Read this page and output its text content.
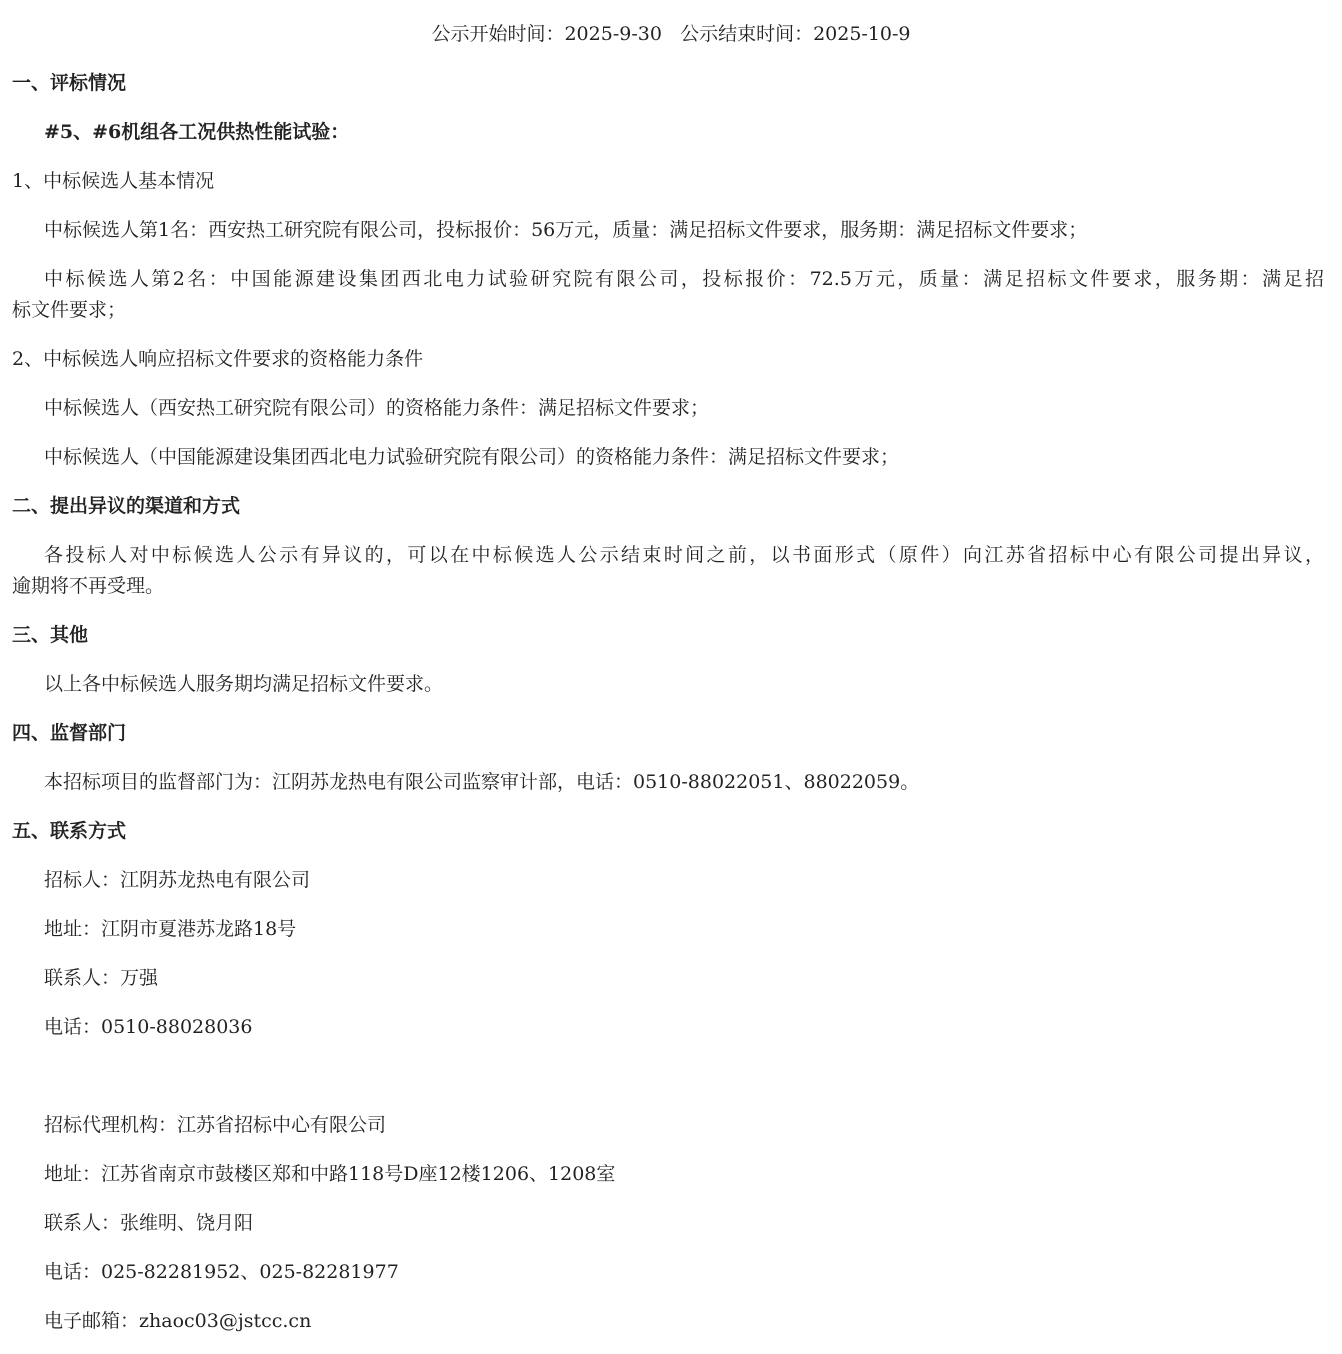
公示开始时间：2025-9-30 公示结束时间：2025-10-9
一、评标情况
#5、#6机组各工况供热性能试验：
1、中标候选人基本情况
中标候选人第1名：西安热工研究院有限公司，投标报价：56万元，质量：满足招标文件要求，服务期：满足招标文件要求；
中标候选人第2名：中国能源建设集团西北电力试验研究院有限公司，投标报价：72.5万元，质量：满足招标文件要求，服务期：满足招
标文件要求；
2、中标候选人响应招标文件要求的资格能力条件
中标候选人（西安热工研究院有限公司）的资格能力条件：满足招标文件要求；
中标候选人（中国能源建设集团西北电力试验研究院有限公司）的资格能力条件：满足招标文件要求；
二、提出异议的渠道和方式
各投标人对中标候选人公示有异议的，可以在中标候选人公示结束时间之前，以书面形式（原件）向江苏省招标中心有限公司提出异议，
逾期将不再受理。
三、其他
以上各中标候选人服务期均满足招标文件要求。
四、监督部门
本招标项目的监督部门为：江阴苏龙热电有限公司监察审计部，电话：0510-88022051、88022059。
五、联系方式
招标人：江阴苏龙热电有限公司
地址：江阴市夏港苏龙路18号
联系人：万强
电话：0510-88028036
招标代理机构：江苏省招标中心有限公司
地址：江苏省南京市鼓楼区郑和中路118号D座12楼1206、1208室
联系人：张维明、饶月阳
电话：025-82281952、025-82281977
电子邮箱：zhaoc03@jstcc.cn
